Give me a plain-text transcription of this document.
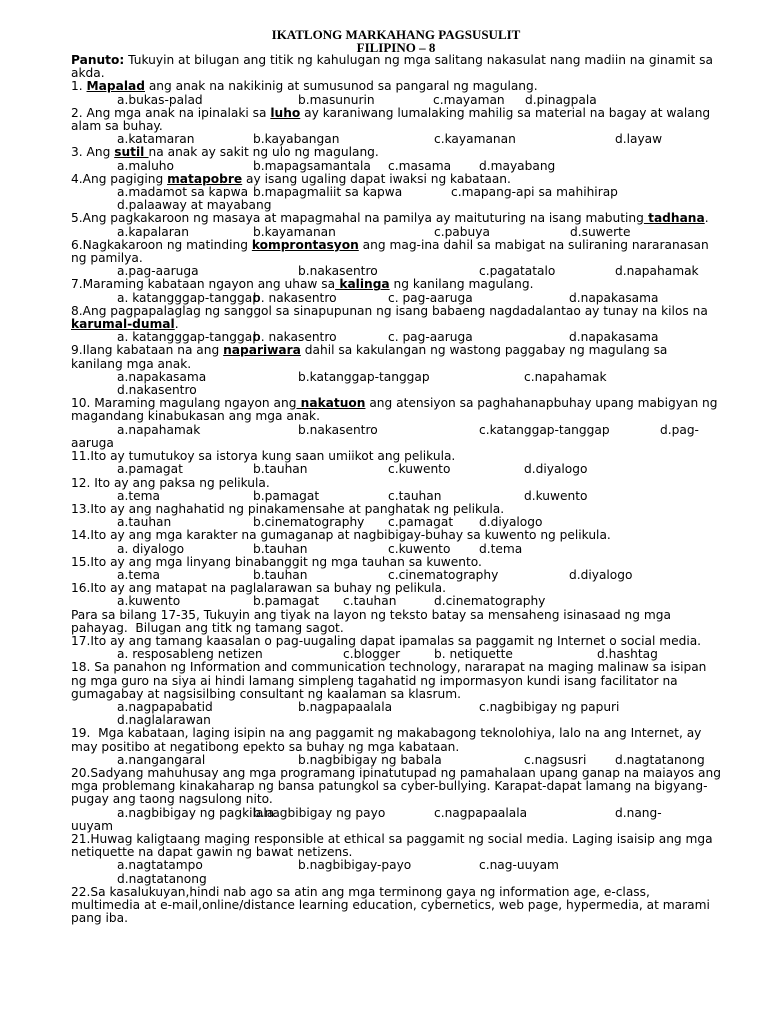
IKATLONG MARKAHANG PAGSUSULIT
FILIPINO – 8
Panuto: Tukuyin at bilugan ang titik ng kahulugan ng mga salitang nakasulat nang madiin na ginamit sa akda.
1. Mapalad ang anak na nakikinig at sumusunod sa pangaral ng magulang.
a.bukas-palad	b.masunurin	c.mayaman	d.pinagpala
2. Ang mga anak na ipinalaki sa luho ay karaniwang lumalaking mahilig sa material na bagay at walang alam sa buhay.
a.katamaran	b.kayabangan	c.kayamanan	d.layaw
3. Ang sutil na anak ay sakit ng ulo ng magulang.
a.maluho	b.mapagsamantala	c.masama	d.mayabang
4.Ang pagiging matapobre ay isang ugaling dapat iwaksi ng kabataan.
a.madamot sa kapwa b.mapagmaliit sa kapwa	c.mapang-api sa mahihirap
d.palaaway at mayabang
5.Ang pagkakaroon ng masaya at mapagmahal na pamilya ay maituturing na isang mabuting tadhana.
a.kapalaran	b.kayamanan	c.pabuya	d.suwerte
6.Nagkakaroon ng matinding komprontasyon ang mag-ina dahil sa mabigat na suliraning nararanasan ng pamilya.
a.pag-aaruga	b.nakasentro	c.pagatatalo	d.napahamak
7.Maraming kabataan ngayon ang uhaw sa kalinga ng kanilang magulang.
a. katangggap-tanggap
b. nakasentro	c. pag-aaruga	d.napakasama
8.Ang pagpapalaglag ng sanggol sa sinapupunan ng isang babaeng nagdadalantao ay tunay na kilos na karumal-dumal.
a. katangggap-tanggap
b. nakasentro	c. pag-aaruga	d.napakasama
9.Ilang kabataan na ang napariwara dahil sa kakulangan ng wastong paggabay ng magulang sa kanilang mga anak.
a.napakasama	b.katanggap-tanggap	c.napahamak
d.nakasentro
10. Maraming magulang ngayon ang nakatuon ang atensiyon sa paghahanapbuhay upang mabigyan ng magandang kinabukasan ang mga anak.
a.napahamak	b.nakasentro	c.katanggap-tanggap	d.pag-
aaruga
11.Ito ay tumutukoy sa istorya kung saan umiikot ang pelikula.
a.pamagat	b.tauhan	c.kuwento	d.diyalogo
12. Ito ay ang paksa ng pelikula.
a.tema	b.pamagat	c.tauhan	d.kuwento
13.Ito ay ang naghahatid ng pinakamensahe at panghatak ng pelikula.
a.tauhan	b.cinematography	c.pamagat	d.diyalogo
14.Ito ay ang mga karakter na gumaganap at nagbibigay-buhay sa kuwento ng pelikula.
a. diyalogo	b.tauhan	c.kuwento	d.tema
15.Ito ay ang mga linyang binabanggit ng mga tauhan sa kuwento.
a.tema	b.tauhan	c.cinematography	d.diyalogo
16.Ito ay ang matapat na paglalarawan sa buhay ng pelikula.
a.kuwento	b.pamagat	c.tauhan	d.cinematography
Para sa bilang 17-35, Tukuyin ang tiyak na layon ng teksto batay sa mensaheng isinasaad ng mga pahayag.  Bilugan ang titk ng tamang sagot.
17.Ito ay ang tamang kaasalan o pag-uugaling dapat ipamalas sa paggamit ng Internet o social media.
a. resposableng netizen	c.blogger	b. netiquette	d.hashtag
18. Sa panahon ng Information and communication technology, nararapat na maging malinaw sa isipan ng mga guro na siya ai hindi lamang simpleng tagahatid ng impormasyon kundi isang facilitator na gumagabay at nagsisilbing consultant ng kaalaman sa klasrum.
a.nagpapabatid	b.nagpapaalala	c.nagbibigay ng papuri
d.naglalarawan
19.  Mga kabataan, laging isipin na ang paggamit ng makabagong teknolohiya, lalo na ang Internet, ay may positibo at negatibong epekto sa buhay ng mga kabataan.
a.nangangaral	b.nagbibigay ng babala	c.nagsusri	d.nagtatanong
20.Sadyang mahuhusay ang mga programang ipinatutupad ng pamahalaan upang ganap na maiayos ang mga problemang kinakaharap ng bansa patungkol sa cyber-bullying. Karapat-dapat lamang na bigyang-pugay ang taong nagsulong nito.
a.nagbibigay ng pagkilala
b.nagbibigay ng payo	c.nagpapaalala	d.nang-
uuyam
21.Huwag kaligtaang maging responsible at ethical sa paggamit ng social media. Laging isaisip ang mga netiquette na dapat gawin ng bawat netizens.
a.nagtatampo	b.nagbibigay-payo	c.nag-uuyam
d.nagtatanong
22.Sa kasalukuyan,hindi nab ago sa atin ang mga terminong gaya ng information age, e-class, multimedia at e-mail,online/distance learning education, cybernetics, web page, hypermedia, at marami pang iba.
